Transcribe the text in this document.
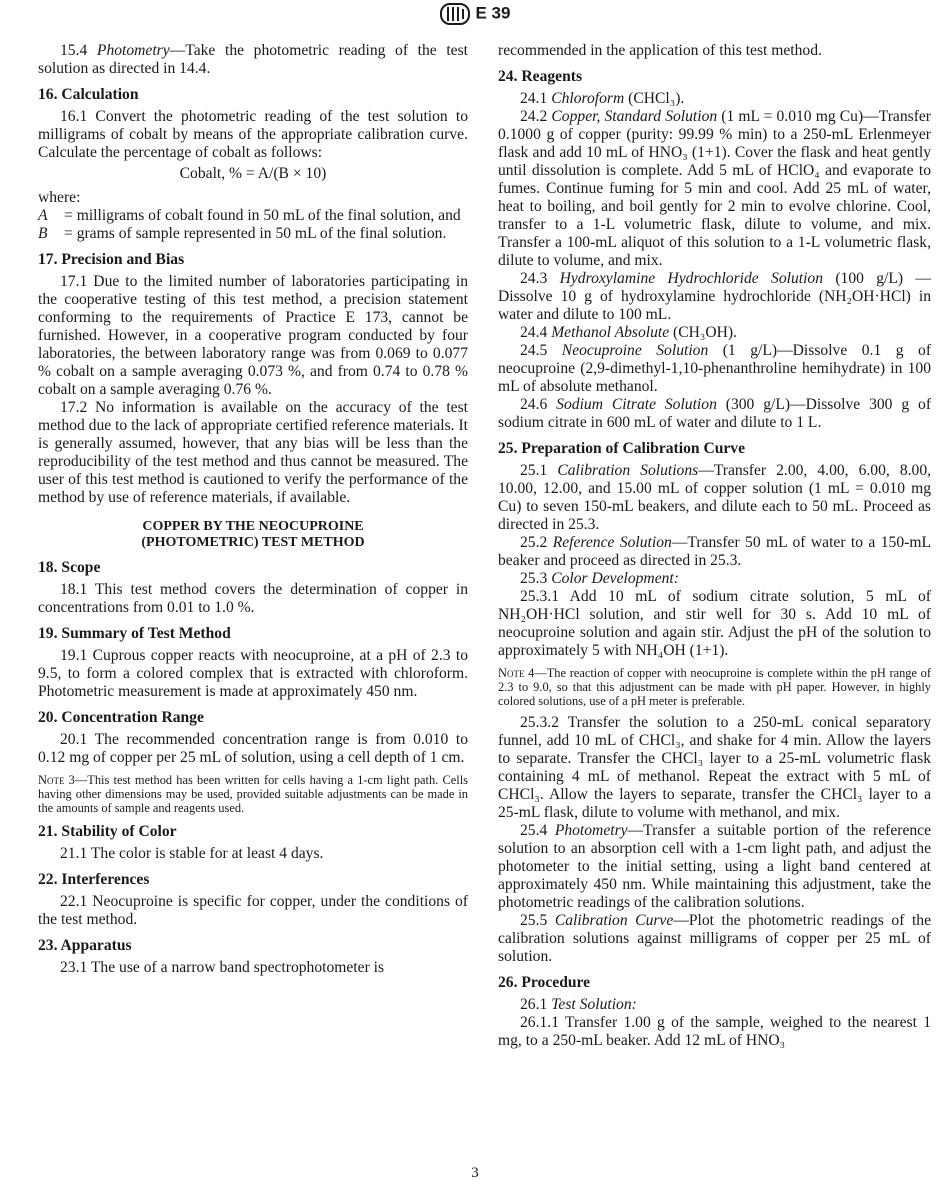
E 39

15.4 Photometry—Take the photometric reading of the test solution as directed in 14.4.

16. Calculation

16.1 Convert the photometric reading of the test solution to milligrams of cobalt by means of the appropriate calibration curve. Calculate the percentage of cobalt as follows:

Cobalt, % = A/(B × 10)

where:

A	= milligrams of cobalt found in 50 mL of the final solution, and
B	= grams of sample represented in 50 mL of the final solution.
17. Precision and Bias

17.1 Due to the limited number of laboratories participating in the cooperative testing of this test method, a precision statement conforming to the requirements of Practice E 173, cannot be furnished. However, in a cooperative program conducted by four laboratories, the between laboratory range was from 0.069 to 0.077 % cobalt on a sample averaging 0.073 %, and from 0.74 to 0.78 % cobalt on a sample averaging 0.76 %.

17.2 No information is available on the accuracy of the test method due to the lack of appropriate certified reference materials. It is generally assumed, however, that any bias will be less than the reproducibility of the test method and thus cannot be measured. The user of this test method is cautioned to verify the performance of the method by use of reference materials, if available.

COPPER BY THE NEOCUPROINE
(PHOTOMETRIC) TEST METHOD
18. Scope

18.1 This test method covers the determination of copper in concentrations from 0.01 to 1.0 %.

19. Summary of Test Method

19.1 Cuprous copper reacts with neocuproine, at a pH of 2.3 to 9.5, to form a colored complex that is extracted with chloroform. Photometric measurement is made at approximately 450 nm.

20. Concentration Range

20.1 The recommended concentration range is from 0.010 to 0.12 mg of copper per 25 mL of solution, using a cell depth of 1 cm.

Note 3—This test method has been written for cells having a 1-cm light path. Cells having other dimensions may be used, provided suitable adjustments can be made in the amounts of sample and reagents used.

21. Stability of Color

21.1 The color is stable for at least 4 days.

22. Interferences

22.1 Neocuproine is specific for copper, under the conditions of the test method.

23. Apparatus

23.1 The use of a narrow band spectrophotometer is

recommended in the application of this test method.

24. Reagents

24.1 Chloroform (CHCl₃).

24.2 Copper, Standard Solution (1 mL = 0.010 mg Cu)—Transfer 0.1000 g of copper (purity: 99.99 % min) to a 250-mL Erlenmeyer flask and add 10 mL of HNO₃ (1+1). Cover the flask and heat gently until dissolution is complete. Add 5 mL of HClO₄ and evaporate to fumes. Continue fuming for 5 min and cool. Add 25 mL of water, heat to boiling, and boil gently for 2 min to evolve chlorine. Cool, transfer to a 1-L volumetric flask, dilute to volume, and mix. Transfer a 100-mL aliquot of this solution to a 1-L volumetric flask, dilute to volume, and mix.

24.3 Hydroxylamine Hydrochloride Solution (100 g/L) —Dissolve 10 g of hydroxylamine hydrochloride (NH₂OH·HCl) in water and dilute to 100 mL.

24.4 Methanol Absolute (CH₃OH).

24.5 Neocuproine Solution (1 g/L)—Dissolve 0.1 g of neocuproine (2,9-dimethyl-1,10-phenanthroline hemihydrate) in 100 mL of absolute methanol.

24.6 Sodium Citrate Solution (300 g/L)—Dissolve 300 g of sodium citrate in 600 mL of water and dilute to 1 L.

25. Preparation of Calibration Curve

25.1 Calibration Solutions—Transfer 2.00, 4.00, 6.00, 8.00, 10.00, 12.00, and 15.00 mL of copper solution (1 mL = 0.010 mg Cu) to seven 150-mL beakers, and dilute each to 50 mL. Proceed as directed in 25.3.

25.2 Reference Solution—Transfer 50 mL of water to a 150-mL beaker and proceed as directed in 25.3.

25.3 Color Development:

25.3.1 Add 10 mL of sodium citrate solution, 5 mL of NH₂OH·HCl solution, and stir well for 30 s. Add 10 mL of neocuproine solution and again stir. Adjust the pH of the solution to approximately 5 with NH₄OH (1+1).

Note 4—The reaction of copper with neocuproine is complete within the pH range of 2.3 to 9.0, so that this adjustment can be made with pH paper. However, in highly colored solutions, use of a pH meter is preferable.

25.3.2 Transfer the solution to a 250-mL conical separatory funnel, add 10 mL of CHCl₃, and shake for 4 min. Allow the layers to separate. Transfer the CHCl₃ layer to a 25-mL volumetric flask containing 4 mL of methanol. Repeat the extract with 5 mL of CHCl₃. Allow the layers to separate, transfer the CHCl₃ layer to a 25-mL flask, dilute to volume with methanol, and mix.

25.4 Photometry—Transfer a suitable portion of the reference solution to an absorption cell with a 1-cm light path, and adjust the photometer to the initial setting, using a light band centered at approximately 450 nm. While maintaining this adjustment, take the photometric readings of the calibration solutions.

25.5 Calibration Curve—Plot the photometric readings of the calibration solutions against milligrams of copper per 25 mL of solution.

26. Procedure

26.1 Test Solution:

26.1.1 Transfer 1.00 g of the sample, weighed to the nearest 1 mg, to a 250-mL beaker. Add 12 mL of HNO₃

3
